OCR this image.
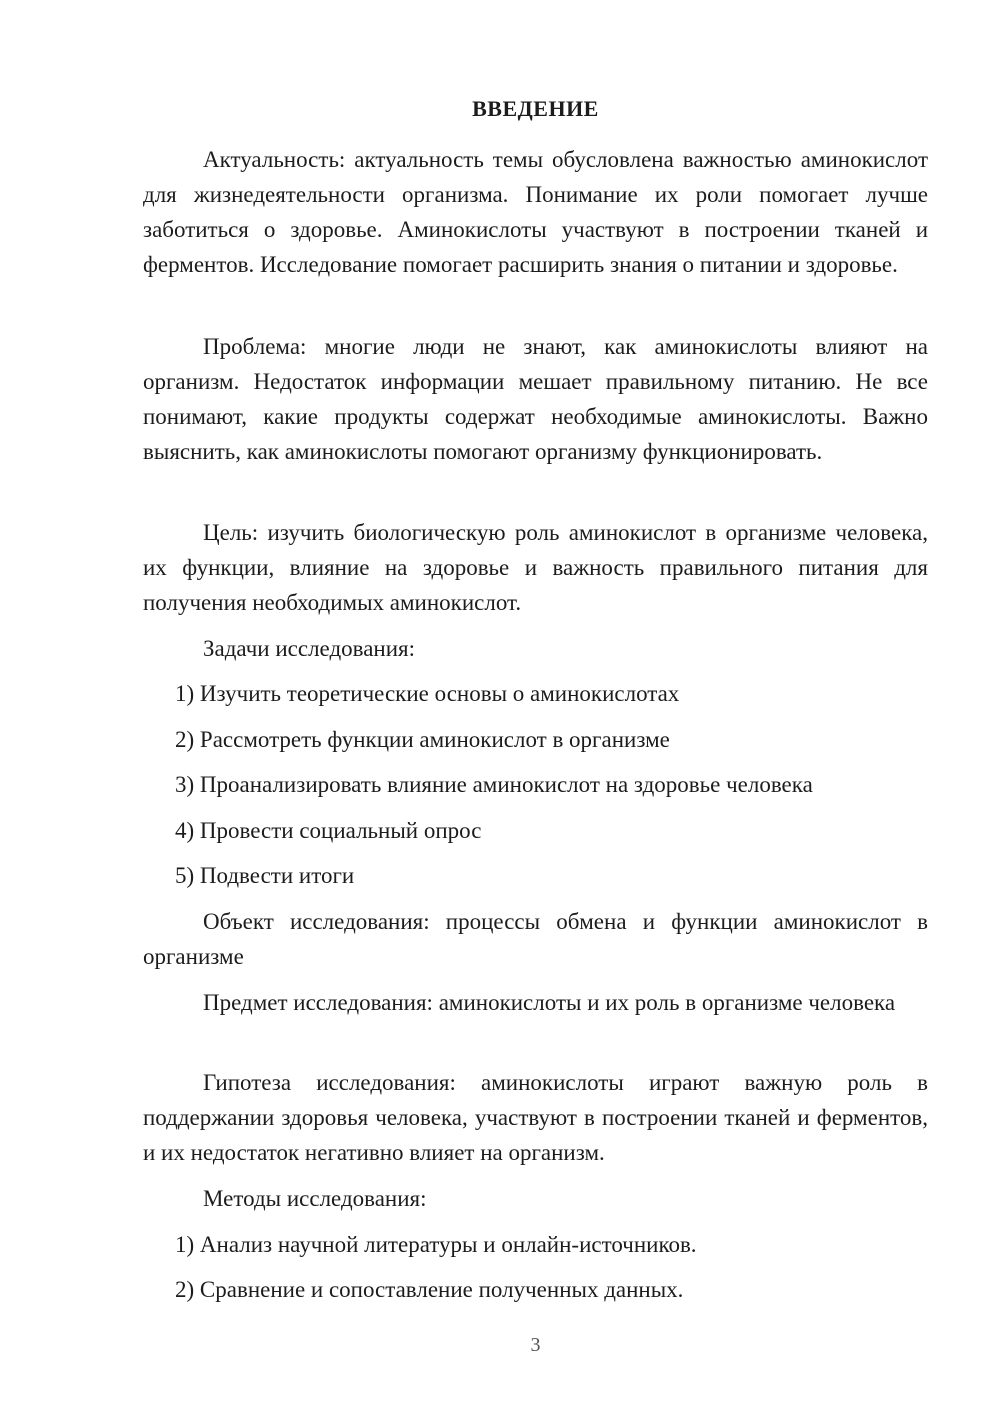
ВВЕДЕНИЕ

Актуальность: актуальность темы обусловлена важностью аминокислот для жизнедеятельности организма. Понимание их роли помогает лучше заботиться о здоровье. Аминокислоты участвуют в построении тканей и ферментов. Исследование помогает расширить знания о питании и здоровье.

Проблема: многие люди не знают, как аминокислоты влияют на организм. Недостаток информации мешает правильному питанию. Не все понимают, какие продукты содержат необходимые аминокислоты. Важно выяснить, как аминокислоты помогают организму функционировать.

Цель: изучить биологическую роль аминокислот в организме человека, их функции, влияние на здоровье и важность правильного питания для получения необходимых аминокислот.

Задачи исследования:

1) Изучить теоретические основы о аминокислотах

2) Рассмотреть функции аминокислот в организме

3) Проанализировать влияние аминокислот на здоровье человека

4) Провести социальный опрос

5) Подвести итоги

Объект исследования: процессы обмена и функции аминокислот в организме

Предмет исследования: аминокислоты и их роль в организме человека

Гипотеза исследования: аминокислоты играют важную роль в поддержании здоровья человека, участвуют в построении тканей и ферментов, и их недостаток негативно влияет на организм.

Методы исследования:

1) Анализ научной литературы и онлайн-источников.

2) Сравнение и сопоставление полученных данных.

3
